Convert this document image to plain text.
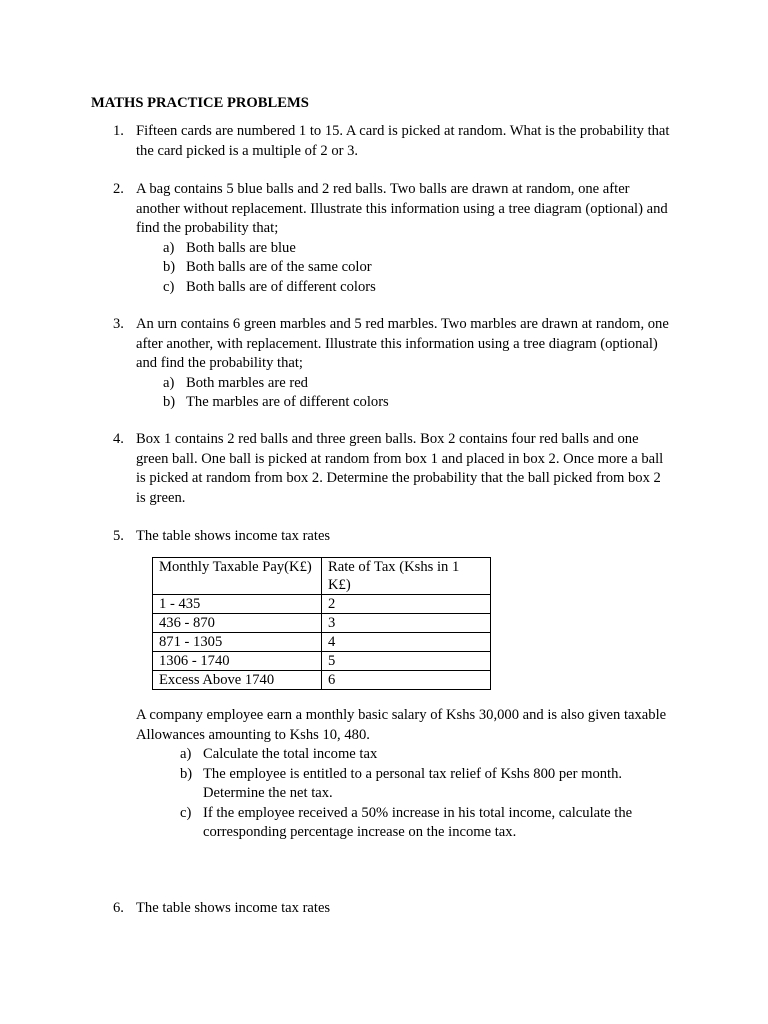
MATHS PRACTICE PROBLEMS
1. Fifteen cards are numbered 1 to 15. A card is picked at random. What is the probability that the card picked is a multiple of 2 or 3.
2. A bag contains 5 blue balls and 2 red balls. Two balls are drawn at random, one after another without replacement. Illustrate this information using a tree diagram (optional) and find the probability that;
a) Both balls are blue
b) Both balls are of the same color
c) Both balls are of different colors
3. An urn contains 6 green marbles and 5 red marbles. Two marbles are drawn at random, one after another, with replacement. Illustrate this information using a tree diagram (optional) and find the probability that;
a) Both marbles are red
b) The marbles are of different colors
4. Box 1 contains 2 red balls and three green balls. Box 2 contains four red balls and one green ball. One ball is picked at random from box 1 and placed in box 2. Once more a ball is picked at random from box 2. Determine the probability that the ball picked from box 2 is green.
5. The table shows income tax rates
Monthly Taxable Pay(K£)	Rate of Tax (Kshs in 1 K£)
1 - 435	2
436 - 870	3
871 - 1305	4
1306 - 1740	5
Excess Above 1740	6
A company employee earn a monthly basic salary of Kshs 30,000 and is also given taxable
Allowances amounting to Kshs 10, 480.
a) Calculate the total income tax
b) The employee is entitled to a personal tax relief of Kshs 800 per month. Determine the net tax.
c) If the employee received a 50% increase in his total income, calculate the corresponding percentage increase on the income tax.
6. The table shows income tax rates
